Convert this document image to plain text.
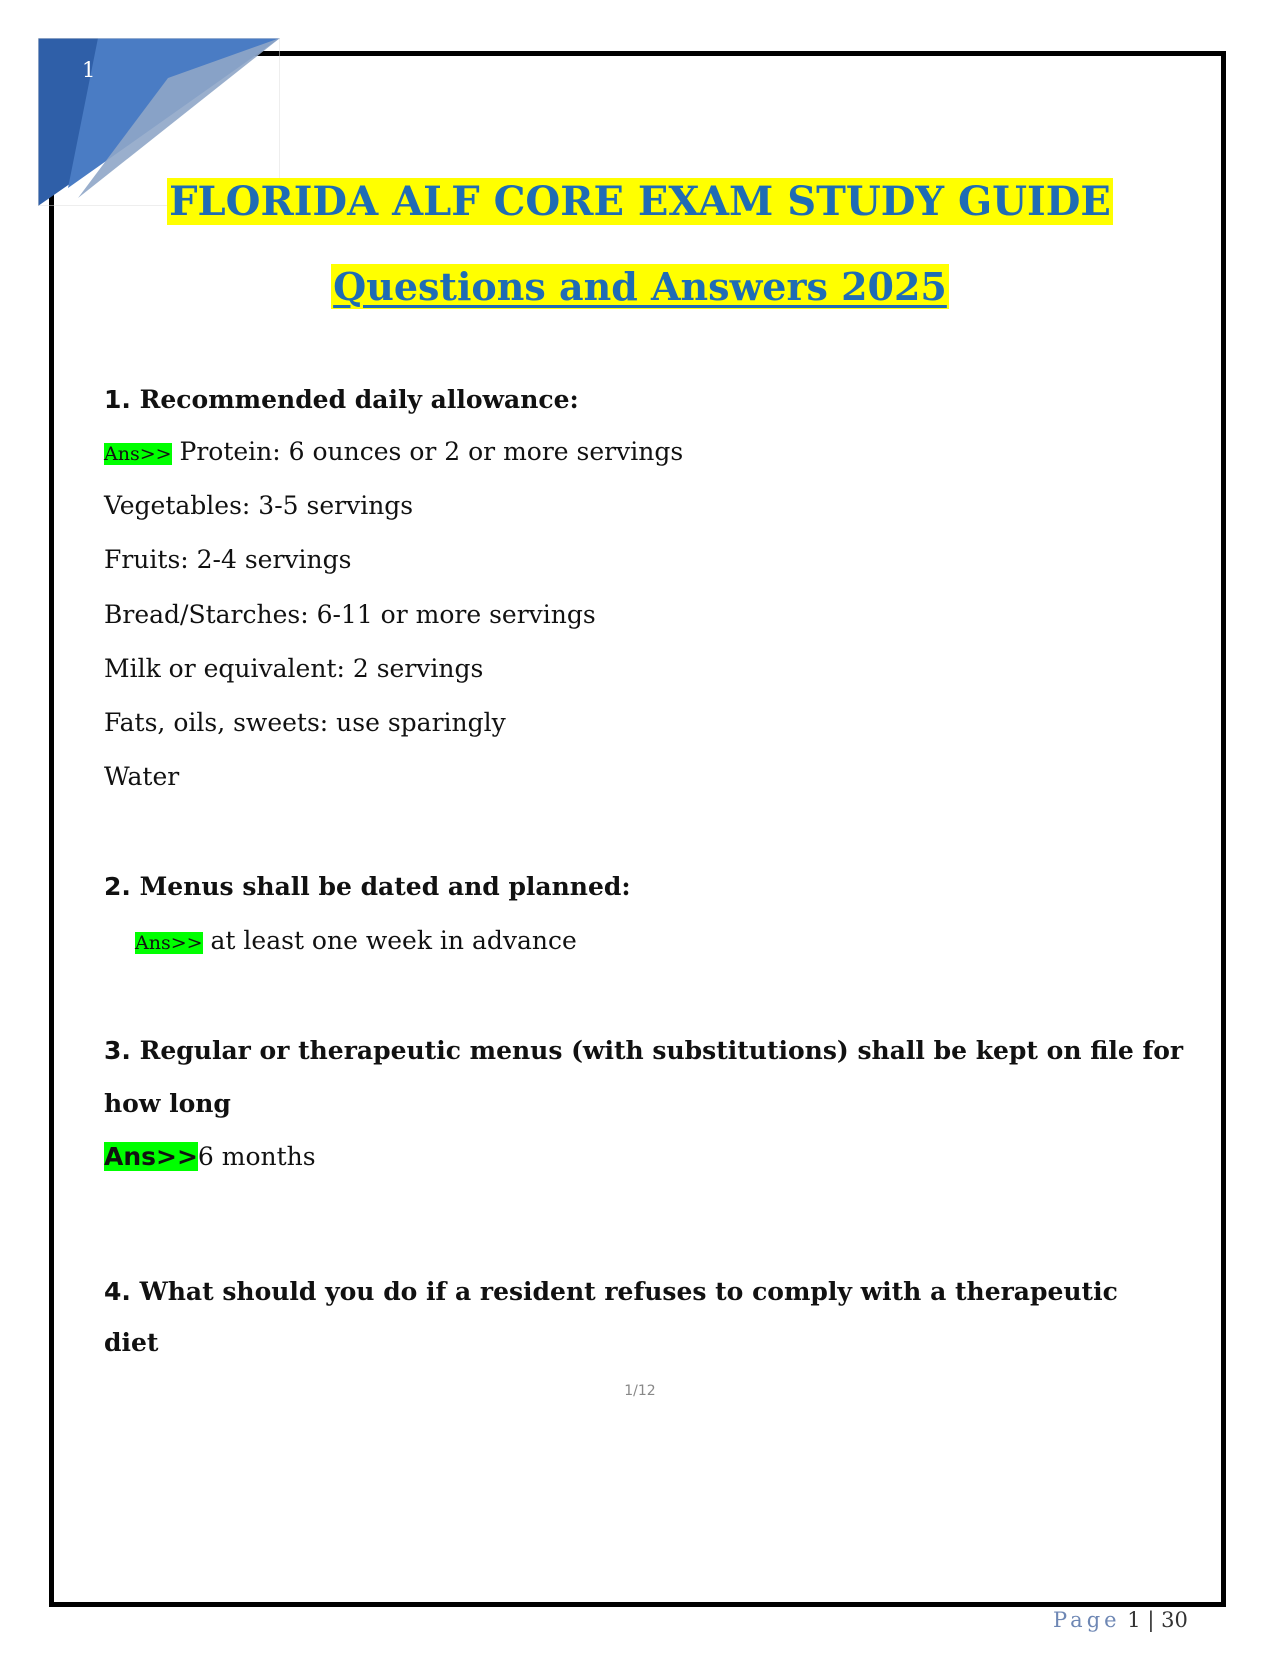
1
FLORIDA ALF CORE EXAM STUDY GUIDE
Questions and Answers 2025
1. Recommended daily allowance:
Ans>> Protein: 6 ounces or 2 or more servings
Vegetables: 3-5 servings
Fruits: 2-4 servings
Bread/Starches: 6-11 or more servings
Milk or equivalent: 2 servings
Fats, oils, sweets: use sparingly
Water
2. Menus shall be dated and planned:
Ans>> at least one week in advance
3. Regular or therapeutic menus (with substitutions) shall be kept on file for
how long
Ans>>6 months
4. What should you do if a resident refuses to comply with a therapeutic
diet
1/12
Page 1 | 30
